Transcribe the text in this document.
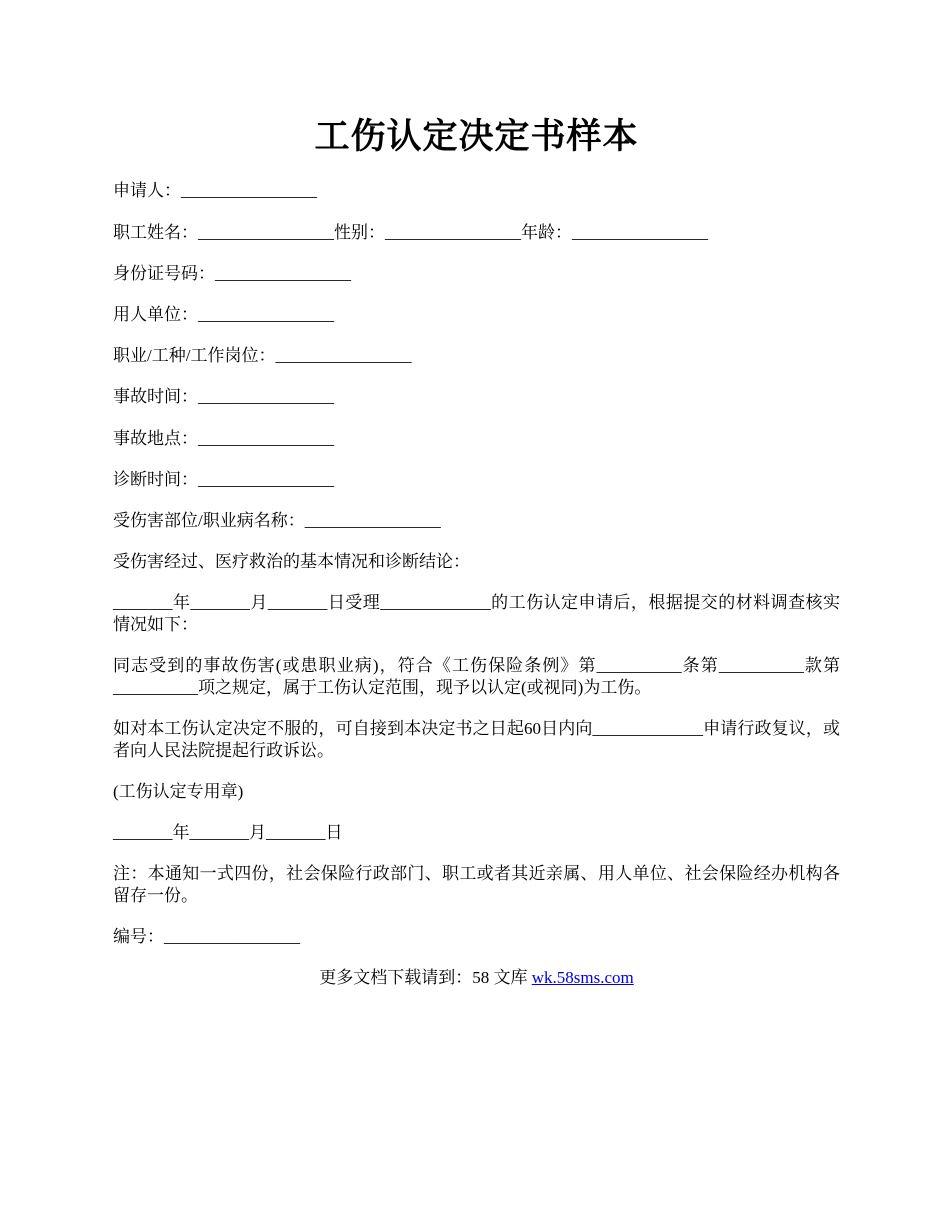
工伤认定决定书样本

申请人：________________

职工姓名：________________性别：________________年龄：________________

身份证号码：________________

用人单位：________________

职业/工种/工作岗位：________________

事故时间：________________

事故地点：________________

诊断时间：________________

受伤害部位/职业病名称：________________

受伤害经过、医疗救治的基本情况和诊断结论：

_______年_______月_______日受理_____________的工伤认定申请后，根据提交的材料调查核实情况如下：

同志受到的事故伤害(或患职业病)，符合《工伤保险条例》第__________条第__________款第__________项之规定，属于工伤认定范围，现予以认定(或视同)为工伤。

如对本工伤认定决定不服的，可自接到本决定书之日起60日内向_____________申请行政复议，或者向人民法院提起行政诉讼。

(工伤认定专用章)

_______年_______月_______日

注：本通知一式四份，社会保险行政部门、职工或者其近亲属、用人单位、社会保险经办机构各留存一份。

编号：________________

更多文档下载请到：58 文库 wk.58sms.com
